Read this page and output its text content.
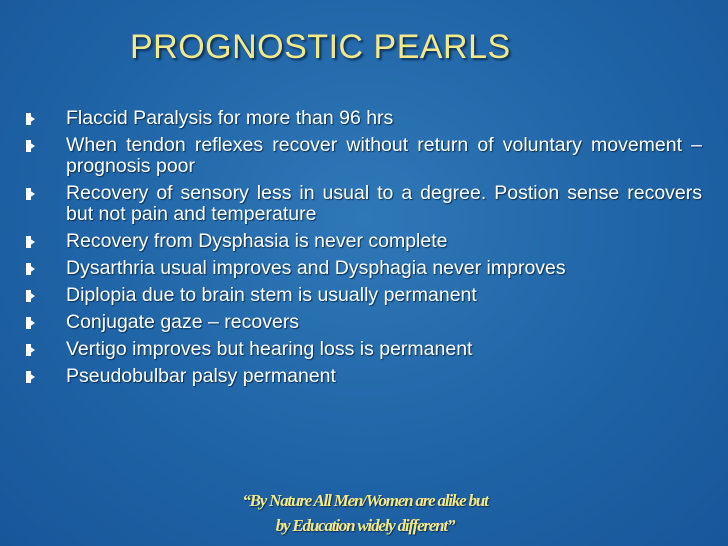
PROGNOSTIC PEARLS
Flaccid Paralysis for more than 96 hrs
When tendon reflexes recover without return of voluntary movement – prognosis poor
Recovery of sensory less in usual to a degree. Postion sense recovers but not pain and temperature
Recovery from Dysphasia is never complete
Dysarthria usual improves and Dysphagia never improves
Diplopia due to brain stem is usually permanent
Conjugate gaze – recovers
Vertigo improves but hearing loss is permanent
Pseudobulbar palsy permanent
“By Nature All Men/Women are alike but
by Education widely different”
